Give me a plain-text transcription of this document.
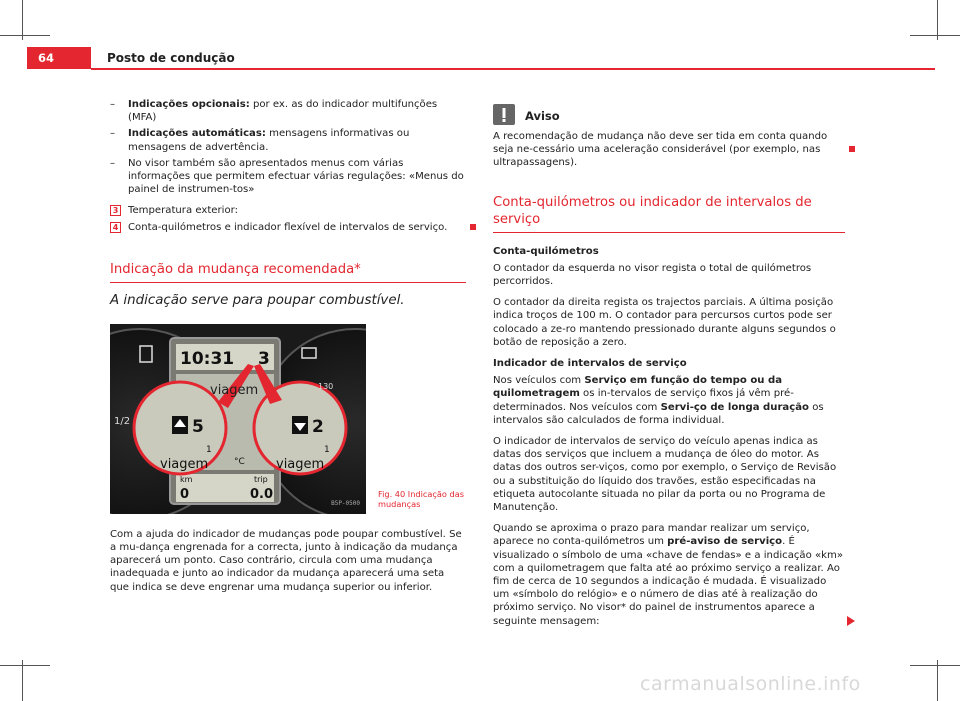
64	Posto de condução
– Indicações opcionais: por ex. as do indicador multifunções (MFA)
– Indicações automáticas: mensagens informativas ou mensagens de advertência.
– No visor também são apresentados menus com várias informações que permitem efectuar várias regulações: «Menus do painel de instrumen-tos»
3 Temperatura exterior:
4 Conta-quilómetros e indicador flexível de intervalos de serviço.
Indicação da mudança recomendada*
A indicação serve para poupar combustível.
10:31 3
viagem
5	2
1	1
viagem	viagem
°C
km
0
trip
0.0
1/2
130
B5P-0500
Fig. 40 Indicação das mudanças
Com a ajuda do indicador de mudanças pode poupar combustível. Se a mu-dança engrenada for a correcta, junto à indicação da mudança aparecerá um ponto. Caso contrário, circula com uma mudança inadequada e junto ao indicador da mudança aparecerá uma seta que indica se deve engrenar uma mudança superior ou inferior.
Aviso
A recomendação de mudança não deve ser tida em conta quando seja ne-cessário uma aceleração considerável (por exemplo, nas ultrapassagens).
Conta-quilómetros ou indicador de intervalos de serviço
Conta-quilómetros
O contador da esquerda no visor regista o total de quilómetros percorridos.
O contador da direita regista os trajectos parciais. A última posição indica troços de 100 m. O contador para percursos curtos pode ser colocado a ze-ro mantendo pressionado durante alguns segundos o botão de reposição a zero.
Indicador de intervalos de serviço
Nos veículos com Serviço em função do tempo ou da quilometragem os in-tervalos de serviço fixos já vêm pré-determinados. Nos veículos com Servi-ço de longa duração os intervalos são calculados de forma individual.
O indicador de intervalos de serviço do veículo apenas indica as datas dos serviços que incluem a mudança de óleo do motor. As datas dos outros ser-viços, como por exemplo, o Serviço de Revisão ou a substituição do líquido dos travões, estão especificadas na etiqueta autocolante situada no pilar da porta ou no Programa de Manutenção.
Quando se aproxima o prazo para mandar realizar um serviço, aparece no conta-quilómetros um pré-aviso de serviço. É visualizado o símbolo de uma «chave de fendas» e a indicação «km» com a quilometragem que falta até ao próximo serviço a realizar. Ao fim de cerca de 10 segundos a indicação é mudada. É visualizado um «símbolo do relógio» e o número de dias até à realização do próximo serviço. No visor* do painel de instrumentos aparece a seguinte mensagem:
carmanualsonline.info
